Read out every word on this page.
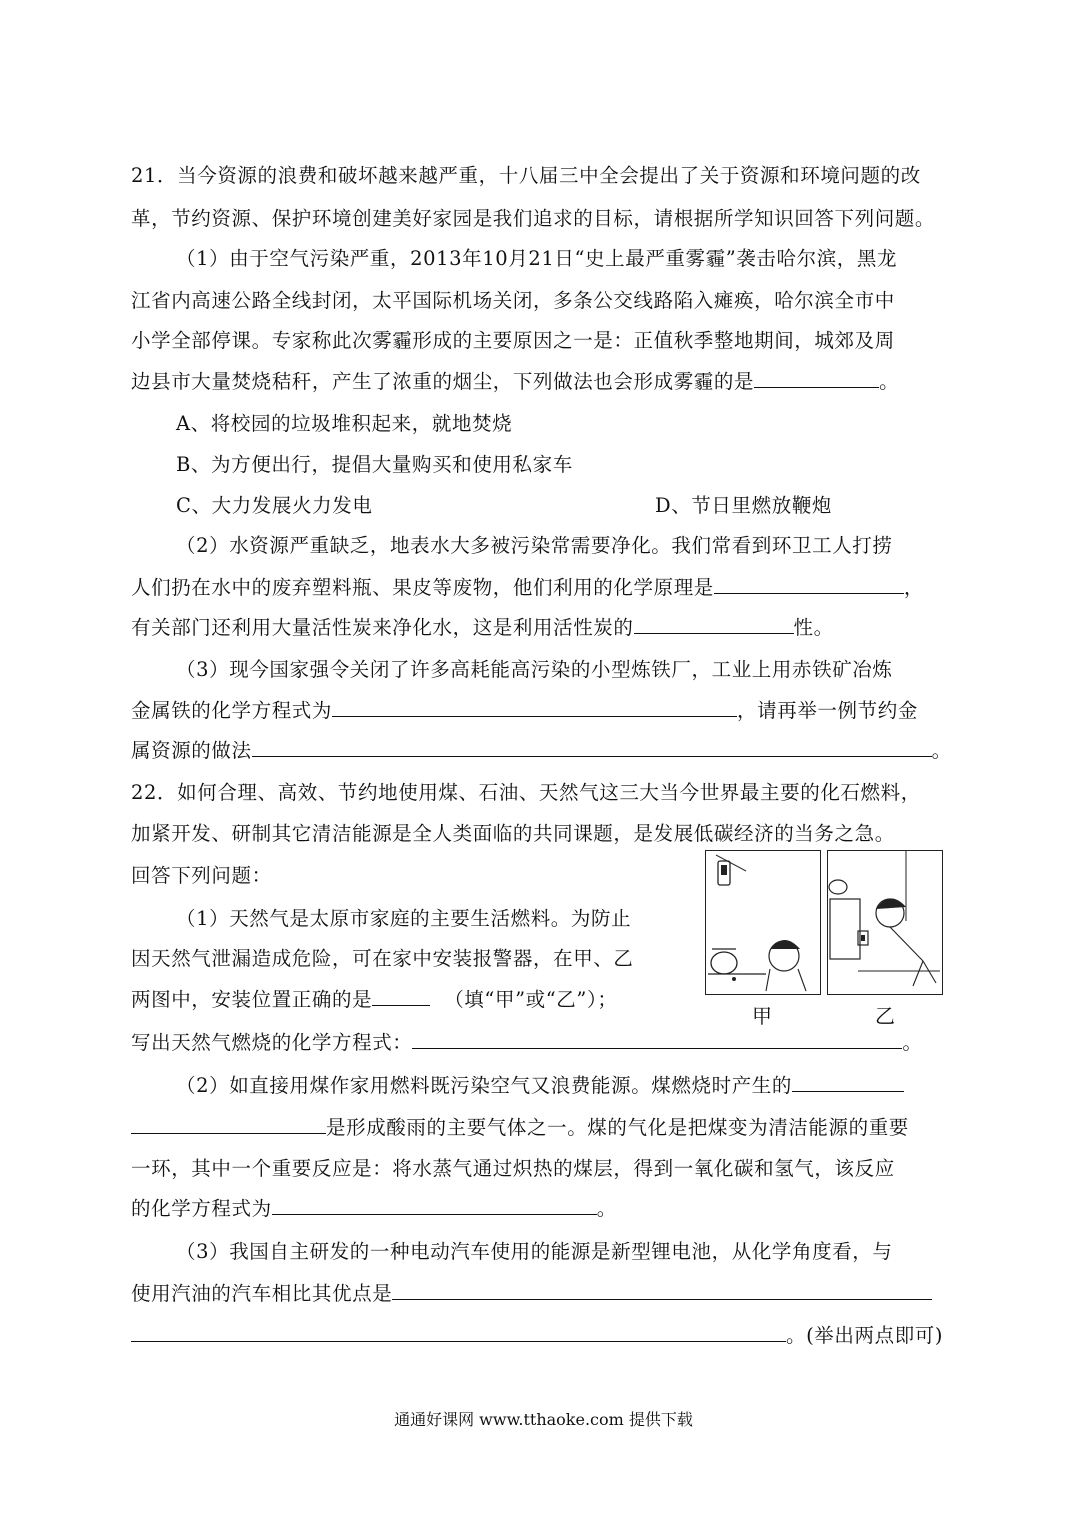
21．当今资源的浪费和破坏越来越严重，十八届三中全会提出了关于资源和环境问题的改
革，节约资源、保护环境创建美好家园是我们追求的目标，请根据所学知识回答下列问题。
（1）由于空气污染严重，2013年10月21日“史上最严重雾霾”袭击哈尔滨，黑龙
江省内高速公路全线封闭，太平国际机场关闭，多条公交线路陷入瘫痪，哈尔滨全市中
小学全部停课。专家称此次雾霾形成的主要原因之一是：正值秋季整地期间，城郊及周
边县市大量焚烧秸秆，产生了浓重的烟尘，下列做法也会形成雾霾的是	。
A、将校园的垃圾堆积起来，就地焚烧
B、为方便出行，提倡大量购买和使用私家车
C、大力发展火力发电	D、节日里燃放鞭炮
（2）水资源严重缺乏，地表水大多被污染常需要净化。我们常看到环卫工人打捞
人们扔在水中的废弃塑料瓶、果皮等废物，他们利用的化学原理是	，
有关部门还利用大量活性炭来净化水，这是利用活性炭的	性。
（3）现今国家强令关闭了许多高耗能高污染的小型炼铁厂，工业上用赤铁矿冶炼
金属铁的化学方程式为	，请再举一例节约金
属资源的做法	。
22．如何合理、高效、节约地使用煤、石油、天然气这三大当今世界最主要的化石燃料，
加紧开发、研制其它清洁能源是全人类面临的共同课题，是发展低碳经济的当务之急。
回答下列问题：
（1）天然气是太原市家庭的主要生活燃料。为防止
因天然气泄漏造成危险，可在家中安装报警器，在甲、乙
两图中，安装位置正确的是	（填“甲”或“乙”）；
写出天然气燃烧的化学方程式：	。
甲	乙
（2）如直接用煤作家用燃料既污染空气又浪费能源。煤燃烧时产生的
是形成酸雨的主要气体之一。煤的气化是把煤变为清洁能源的重要
一环，其中一个重要反应是：将水蒸气通过炽热的煤层，得到一氧化碳和氢气，该反应
的化学方程式为	。
（3）我国自主研发的一种电动汽车使用的能源是新型锂电池，从化学角度看，与
使用汽油的汽车相比其优点是
。(举出两点即可)
通通好课网 www.tthaoke.com 提供下载
